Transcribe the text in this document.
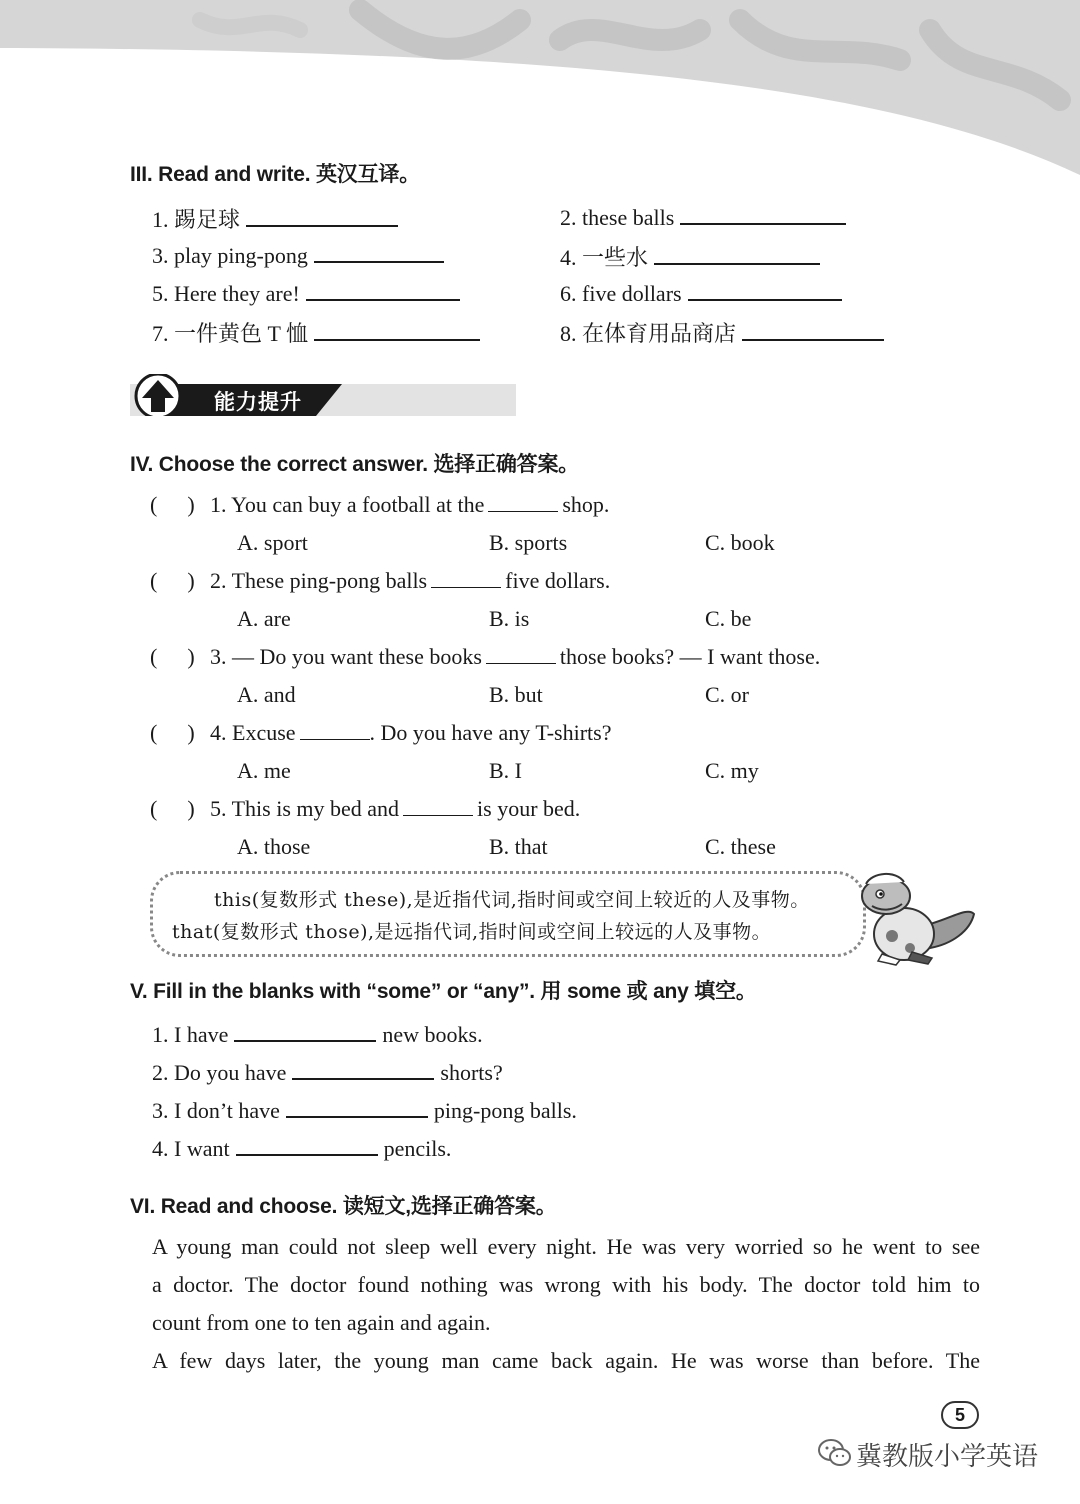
III. Read and write. 英汉互译。
1. 踢足球	2. these balls
3. play ping-pong	4. 一些水
5. Here they are!	6. five dollars
7. 一件黄色 T 恤	8. 在体育用品商店
能力提升
IV. Choose the correct answer. 选择正确答案。
( ) 1. You can buy a football at the	shop.
A. sport	B. sports	C. book
( ) 2. These ping-pong balls	five dollars.
A. are	B. is	C. be
( ) 3. — Do you want these books	those books? — I want those.
A. and	B. but	C. or
( ) 4. Excuse	. Do you have any T-shirts?
A. me	B. I	C. my
( ) 5. This is my bed and	is your bed.
A. those	B. that	C. these
this(复数形式 these),是近指代词,指时间或空间上较近的人及事物。
that(复数形式 those),是远指代词,指时间或空间上较远的人及事物。
V. Fill in the blanks with “some” or “any”. 用 some 或 any 填空。
1. I have	new books.
2. Do you have	shorts?
3. I don’t have	ping-pong balls.
4. I want	pencils.
VI. Read and choose. 读短文,选择正确答案。
A young man could not sleep well every night. He was very worried so he went to see
a doctor. The doctor found nothing was wrong with his body. The doctor told him to
count from one to ten again and again.
A few days later, the young man came back again. He was worse than before. The
5
冀教版小学英语
